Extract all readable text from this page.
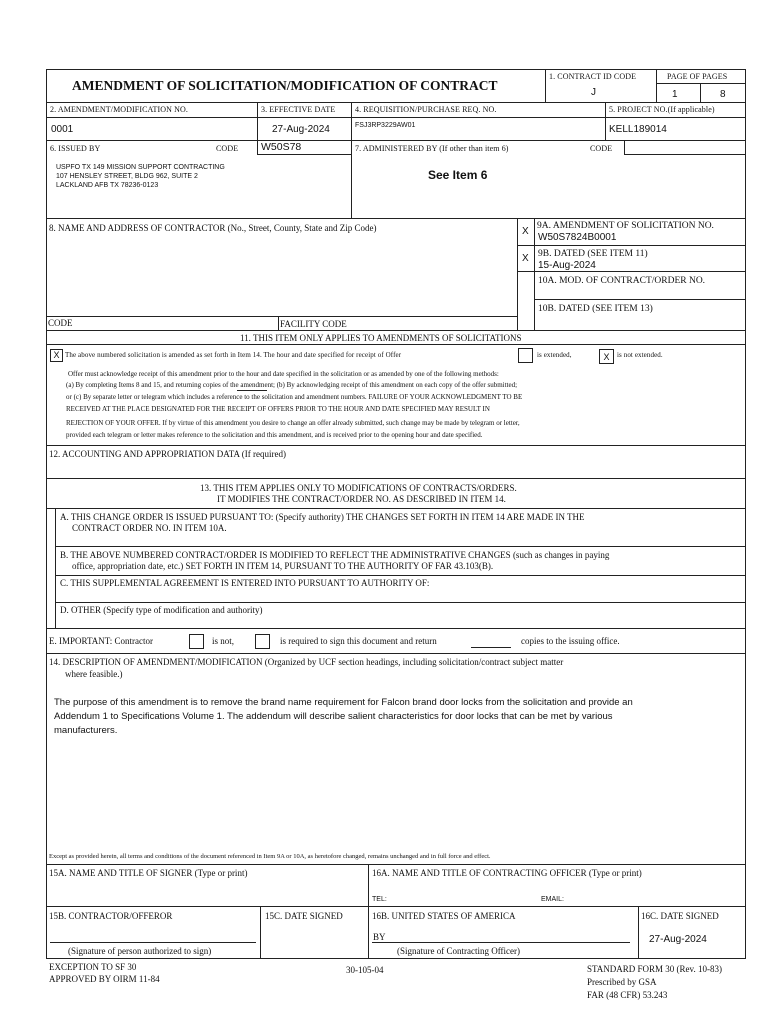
AMENDMENT OF SOLICITATION/MODIFICATION OF CONTRACT
1. CONTRACT ID CODE
J
PAGE OF PAGES
1	8
2. AMENDMENT/MODIFICATION NO.
0001
3. EFFECTIVE DATE
27-Aug-2024
4. REQUISITION/PURCHASE REQ. NO.
FSJ3RP3229AW01
5. PROJECT NO.(If applicable)
KELL189014
6. ISSUED BY	CODE W50S78
USPFO TX 149 MISSION SUPPORT CONTRACTING
107 HENSLEY STREET, BLDG 962, SUITE 2
LACKLAND AFB TX 78236-0123
7. ADMINISTERED BY (If other than item 6)	CODE
See Item 6
8. NAME AND ADDRESS OF CONTRACTOR (No., Street, County, State and Zip Code)
CODE	FACILITY CODE
X 9A. AMENDMENT OF SOLICITATION NO.
W50S7824B0001
X 9B. DATED (SEE ITEM 11)
15-Aug-2024
10A. MOD. OF CONTRACT/ORDER NO.
10B. DATED (SEE ITEM 13)
11. THIS ITEM ONLY APPLIES TO AMENDMENTS OF SOLICITATIONS
X The above numbered solicitation is amended as set forth in Item 14. The hour and date specified for receipt of Offer	is extended,	X	is not extended.
Offer must acknowledge receipt of this amendment prior to the hour and date specified in the solicitation or as amended by one of the following methods:
(a) By completing Items 8 and 15, and returning copies of the amendment; (b) By acknowledging receipt of this amendment on each copy of the offer submitted;
or (c) By separate letter or telegram which includes a reference to the solicitation and amendment numbers. FAILURE OF YOUR ACKNOWLEDGMENT TO BE
RECEIVED AT THE PLACE DESIGNATED FOR THE RECEIPT OF OFFERS PRIOR TO THE HOUR AND DATE SPECIFIED MAY RESULT IN
REJECTION OF YOUR OFFER. If by virtue of this amendment you desire to change an offer already submitted, such change may be made by telegram or letter,
provided each telegram or letter makes reference to the solicitation and this amendment, and is received prior to the opening hour and date specified.
12. ACCOUNTING AND APPROPRIATION DATA (If required)
13. THIS ITEM APPLIES ONLY TO MODIFICATIONS OF CONTRACTS/ORDERS.
IT MODIFIES THE CONTRACT/ORDER NO. AS DESCRIBED IN ITEM 14.
A. THIS CHANGE ORDER IS ISSUED PURSUANT TO: (Specify authority) THE CHANGES SET FORTH IN ITEM 14 ARE MADE IN THE
CONTRACT ORDER NO. IN ITEM 10A.
B. THE ABOVE NUMBERED CONTRACT/ORDER IS MODIFIED TO REFLECT THE ADMINISTRATIVE CHANGES (such as changes in paying
office, appropriation date, etc.) SET FORTH IN ITEM 14, PURSUANT TO THE AUTHORITY OF FAR 43.103(B).
C. THIS SUPPLEMENTAL AGREEMENT IS ENTERED INTO PURSUANT TO AUTHORITY OF:
D. OTHER (Specify type of modification and authority)
E. IMPORTANT: Contractor	is not,	is required to sign this document and return	copies to the issuing office.
14. DESCRIPTION OF AMENDMENT/MODIFICATION (Organized by UCF section headings, including solicitation/contract subject matter
where feasible.)
The purpose of this amendment is to remove the brand name requirement for Falcon brand door locks from the solicitation and provide an
Addendum 1 to Specifications Volume 1. The addendum will describe salient characteristics for door locks that can be met by various
manufacturers.
Except as provided herein, all terms and conditions of the document referenced in Item 9A or 10A, as heretofore changed, remains unchanged and in full force and effect.
15A. NAME AND TITLE OF SIGNER (Type or print)	16A. NAME AND TITLE OF CONTRACTING OFFICER (Type or print)
TEL:	EMAIL:
15B. CONTRACTOR/OFFEROR
(Signature of person authorized to sign)
15C. DATE SIGNED	16B. UNITED STATES OF AMERICA
BY
(Signature of Contracting Officer)
16C. DATE SIGNED
27-Aug-2024
EXCEPTION TO SF 30
APPROVED BY OIRM 11-84
30-105-04	STANDARD FORM 30 (Rev. 10-83)
Prescribed by GSA
FAR (48 CFR) 53.243
